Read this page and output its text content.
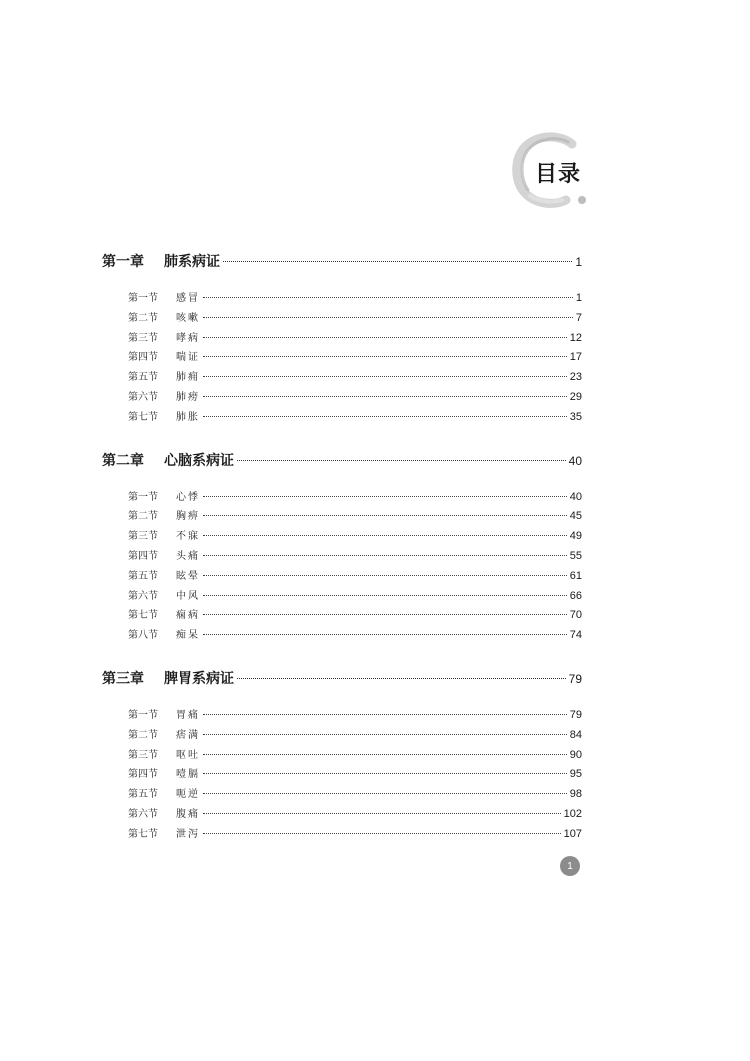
目录
第一章	肺系病证	1
第一节	感冒	1
第二节	咳嗽	7
第三节	哮病	12
第四节	喘证	17
第五节	肺痈	23
第六节	肺痨	29
第七节	肺胀	35
第二章	心脑系病证	40
第一节	心悸	40
第二节	胸痹	45
第三节	不寐	49
第四节	头痛	55
第五节	眩晕	61
第六节	中风	66
第七节	痫病	70
第八节	痴呆	74
第三章	脾胃系病证	79
第一节	胃痛	79
第二节	痞满	84
第三节	呕吐	90
第四节	噎膈	95
第五节	呃逆	98
第六节	腹痛	102
第七节	泄泻	107
1
